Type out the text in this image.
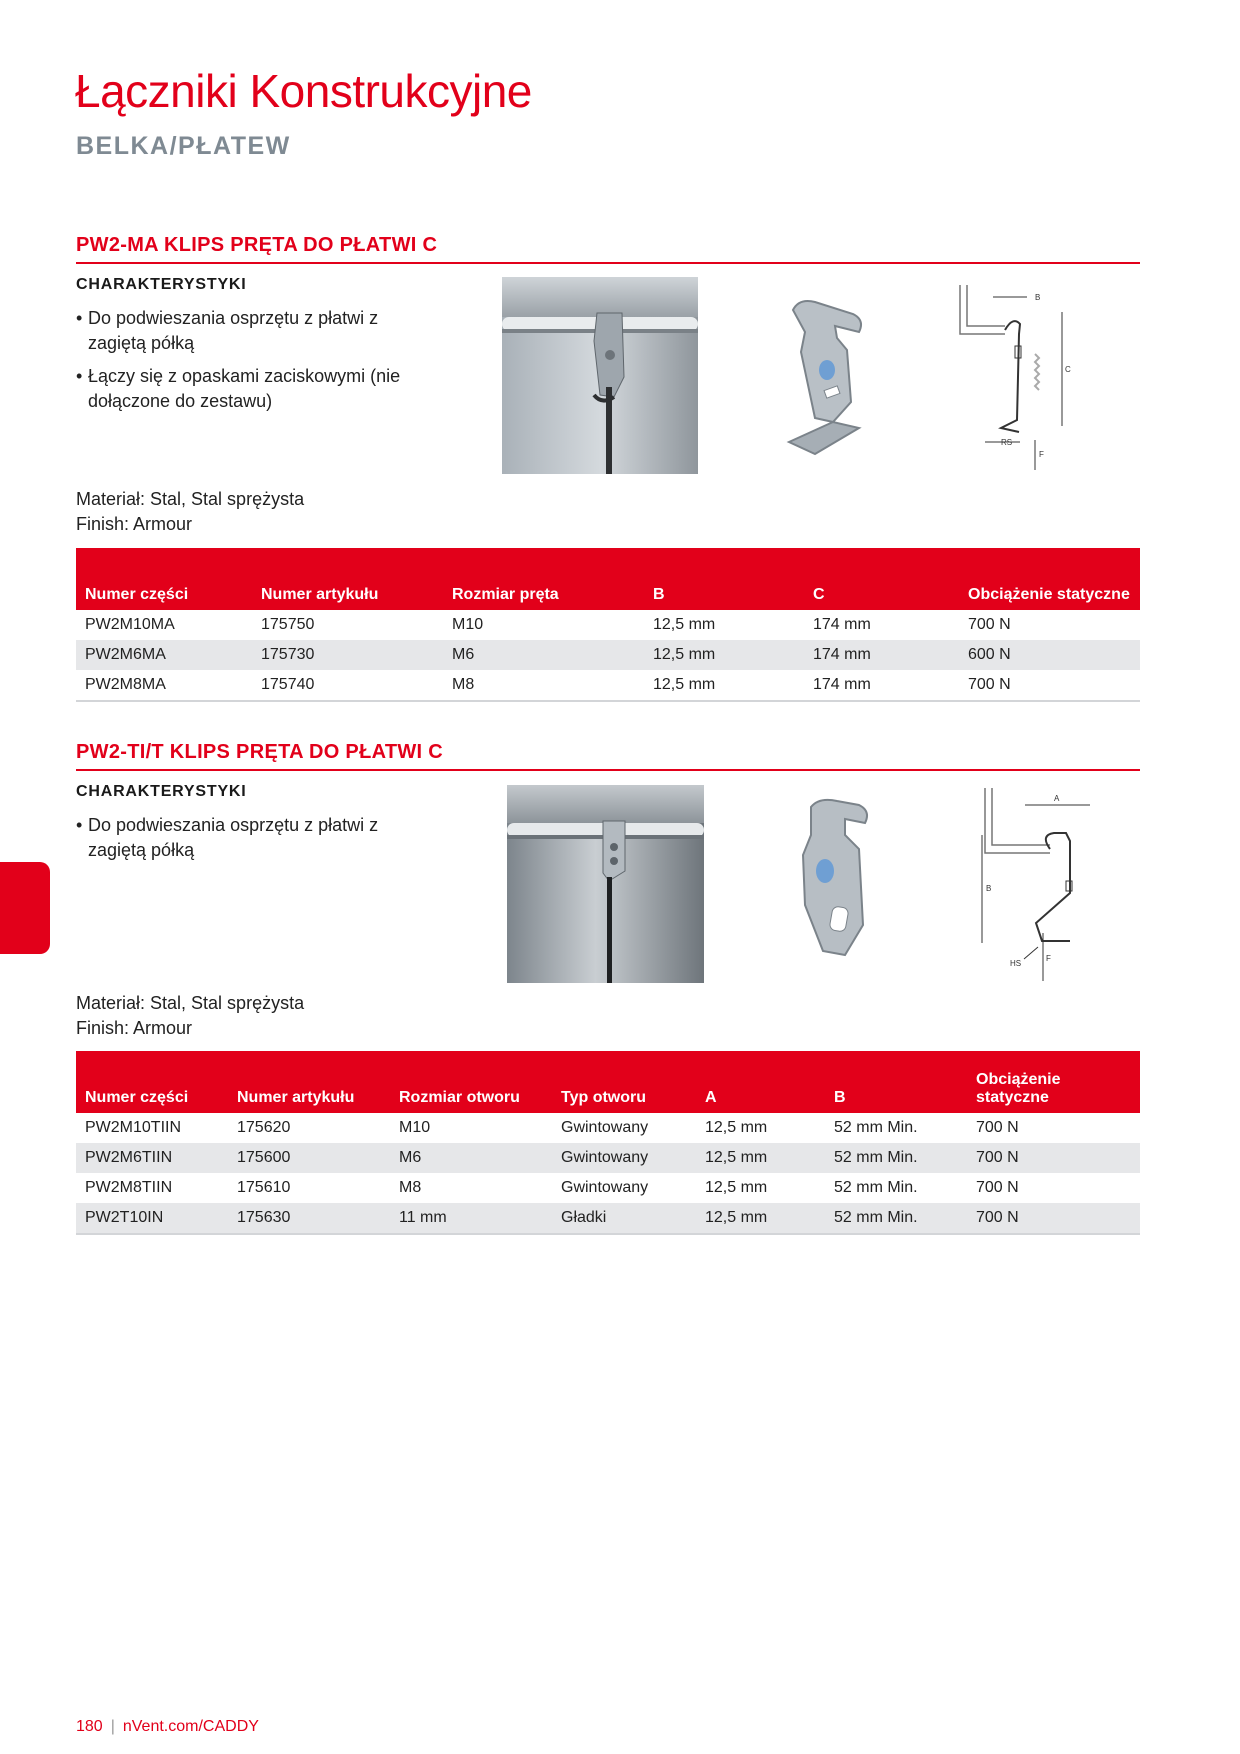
Łączniki Konstrukcyjne
BELKA/PŁATEW
PW2-MA KLIPS PRĘTA DO PŁATWI C
CHARAKTERYSTYKI
• Do podwieszania osprzętu z płatwi z zagiętą półką
• Łączy się z opaskami zaciskowymi (nie dołączone do zestawu)
Materiał: Stal, Stal sprężysta
Finish: Armour
B
C
RS
F
Numer części	Numer artykułu	Rozmiar pręta	B	C	Obciążenie statyczne
PW2M10MA	175750	M10	12,5 mm	174 mm	700 N
PW2M6MA	175730	M6	12,5 mm	174 mm	600 N
PW2M8MA	175740	M8	12,5 mm	174 mm	700 N
PW2-TI/T KLIPS PRĘTA DO PŁATWI C
CHARAKTERYSTYKI
• Do podwieszania osprzętu z płatwi z zagiętą półką
Materiał: Stal, Stal sprężysta
Finish: Armour
A
B
HS
F
Numer części	Numer artykułu	Rozmiar otworu	Typ otworu	A	B	Obciążenie statyczne
PW2M10TIIN	175620	M10	Gwintowany	12,5 mm	52 mm Min.	700 N
PW2M6TIIN	175600	M6	Gwintowany	12,5 mm	52 mm Min.	700 N
PW2M8TIIN	175610	M8	Gwintowany	12,5 mm	52 mm Min.	700 N
PW2T10IN	175630	11 mm	Gładki	12,5 mm	52 mm Min.	700 N
180 | nVent.com/CADDY
